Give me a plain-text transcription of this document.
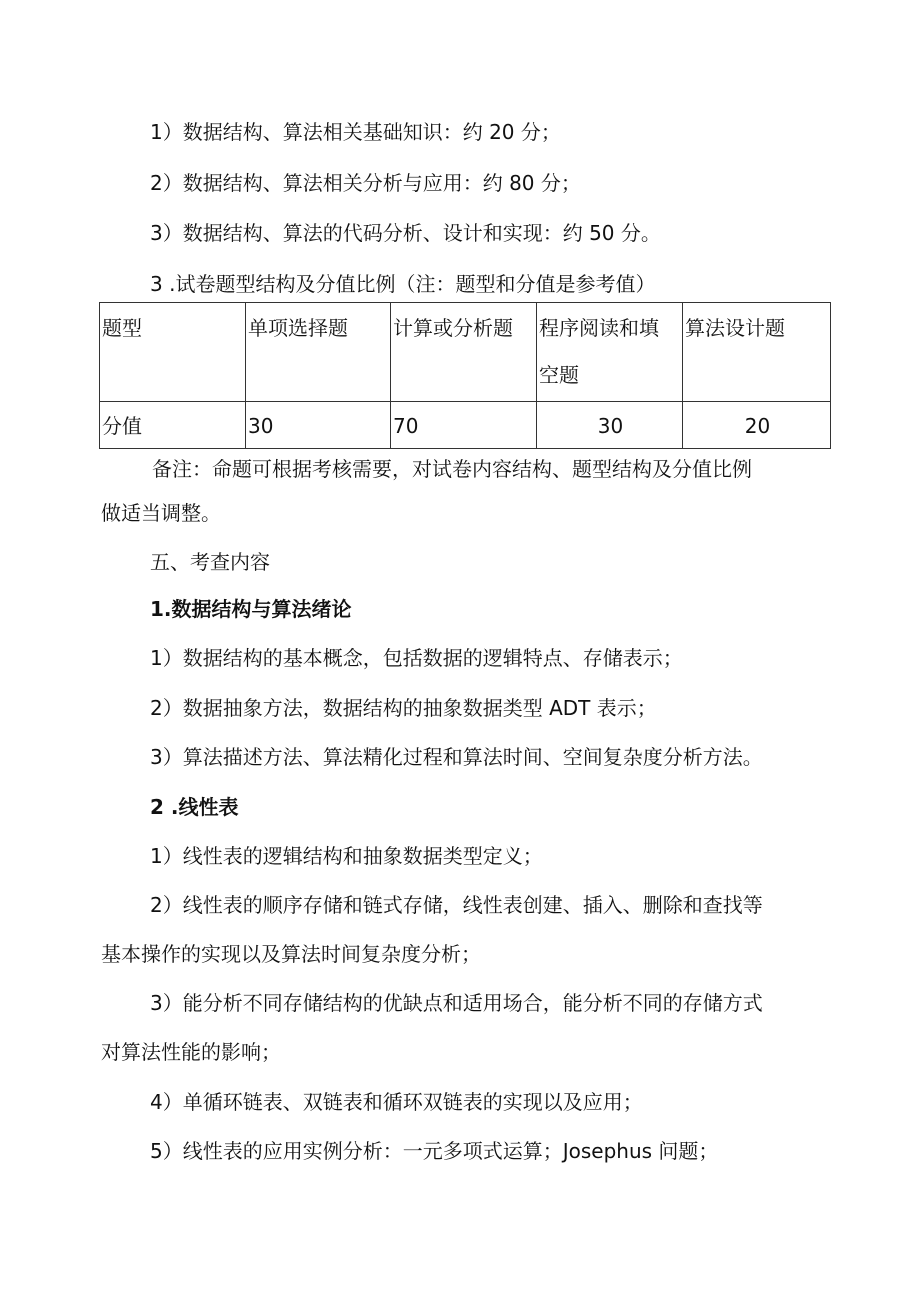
1）数据结构、算法相关基础知识：约 20 分；

2）数据结构、算法相关分析与应用：约 80 分；

3）数据结构、算法的代码分析、设计和实现：约 50 分。

3 .试卷题型结构及分值比例（注：题型和分值是参考值）

题型	单项选择题	计算或分析题	程序阅读和填空题	算法设计题

分值	30	70	30	20

备注：命题可根据考核需要，对试卷内容结构、题型结构及分值比例

做适当调整。

五、考查内容

1.数据结构与算法绪论

1）数据结构的基本概念，包括数据的逻辑特点、存储表示；

2）数据抽象方法，数据结构的抽象数据类型 ADT 表示；

3）算法描述方法、算法精化过程和算法时间、空间复杂度分析方法。

2 .线性表

1）线性表的逻辑结构和抽象数据类型定义；

2）线性表的顺序存储和链式存储，线性表创建、插入、删除和查找等

基本操作的实现以及算法时间复杂度分析；

3）能分析不同存储结构的优缺点和适用场合，能分析不同的存储方式

对算法性能的影响；

4）单循环链表、双链表和循环双链表的实现以及应用；

5）线性表的应用实例分析：一元多项式运算；Josephus 问题；
